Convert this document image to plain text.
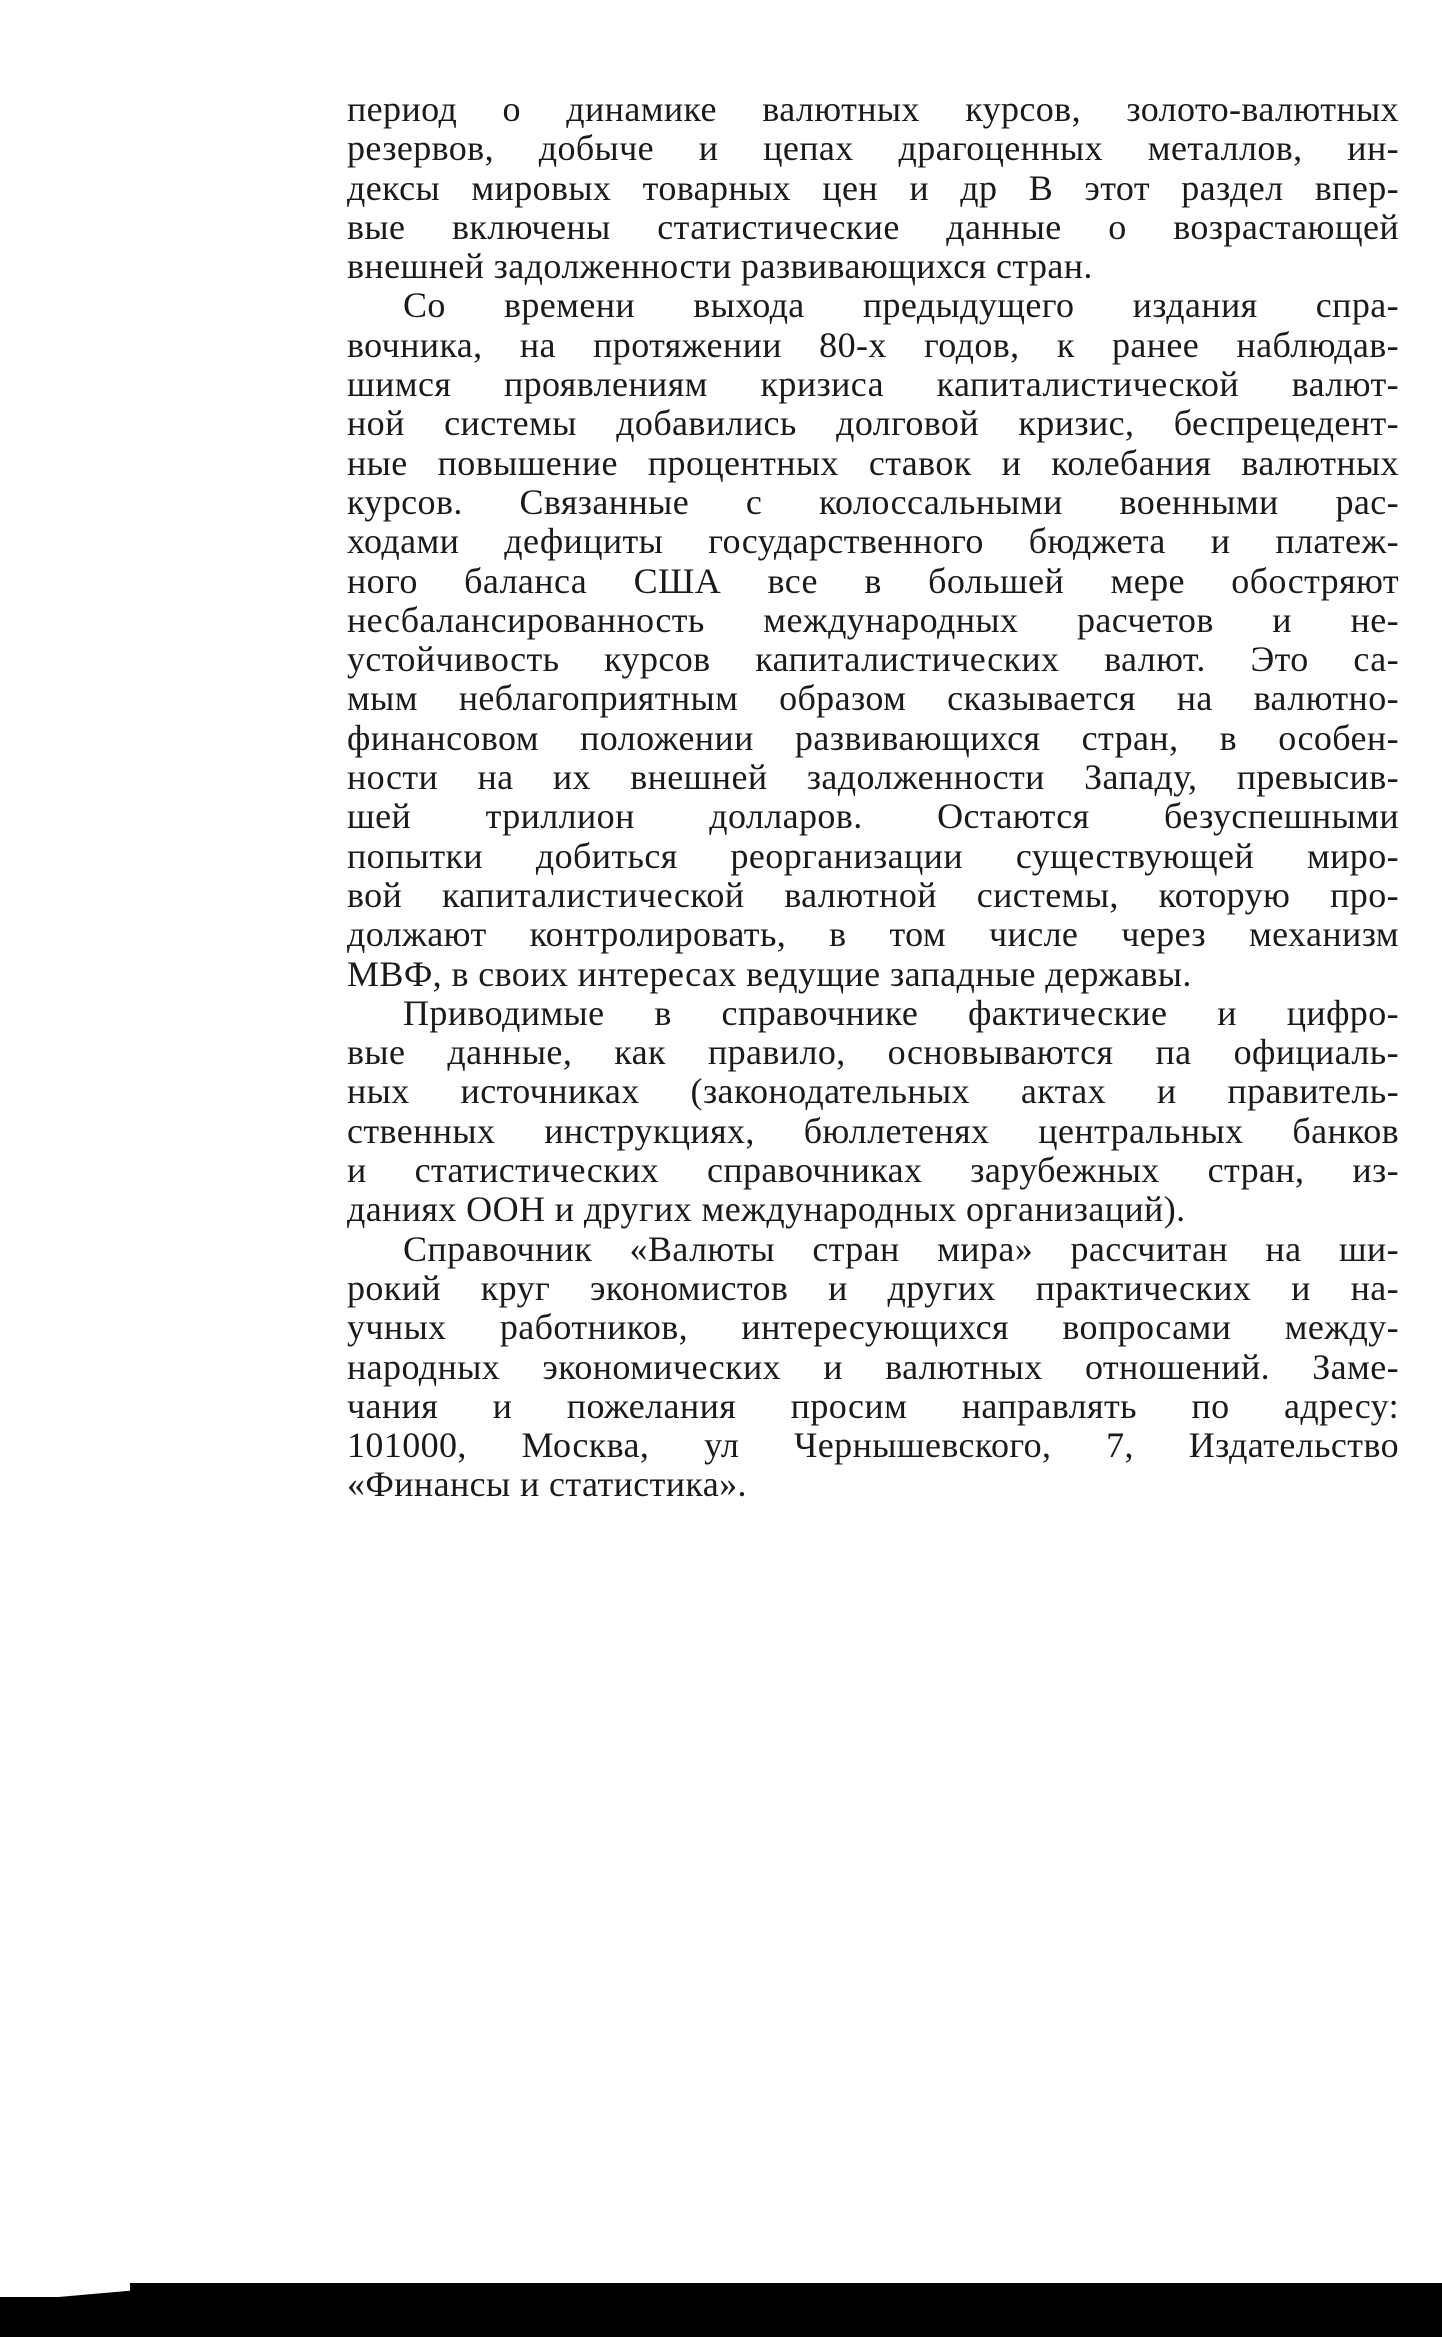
период о динамике валютных курсов, золото-валютных
резервов, добыче и цепах драгоценных металлов, ин-
дексы мировых товарных цен и др В этот раздел впер-
вые включены статистические данные о возрастающей
внешней задолженности развивающихся стран.
Со времени выхода предыдущего издания спра-
вочника, на протяжении 80-х годов, к ранее наблюдав-
шимся проявлениям кризиса капиталистической валют-
ной системы добавились долговой кризис, беспрецедент-
ные повышение процентных ставок и колебания валютных
курсов. Связанные с колоссальными военными рас-
ходами дефициты государственного бюджета и платеж-
ного баланса США все в большей мере обостряют
несбалансированность международных расчетов и не-
устойчивость курсов капиталистических валют. Это са-
мым неблагоприятным образом сказывается на валютно-
финансовом положении развивающихся стран, в особен-
ности на их внешней задолженности Западу, превысив-
шей триллион долларов. Остаются безуспешными
попытки добиться реорганизации существующей миро-
вой капиталистической валютной системы, которую про-
должают контролировать, в том числе через механизм
МВФ, в своих интересах ведущие западные державы.
Приводимые в справочнике фактические и цифро-
вые данные, как правило, основываются па официаль-
ных источниках (законодательных актах и правитель-
ственных инструкциях, бюллетенях центральных банков
и статистических справочниках зарубежных стран, из-
даниях ООН и других международных организаций).
Справочник «Валюты стран мира» рассчитан на ши-
рокий круг экономистов и других практических и на-
учных работников, интересующихся вопросами между-
народных экономических и валютных отношений. Заме-
чания и пожелания просим направлять по адресу:
101000, Москва, ул Чернышевского, 7, Издательство
«Финансы и статистика».
